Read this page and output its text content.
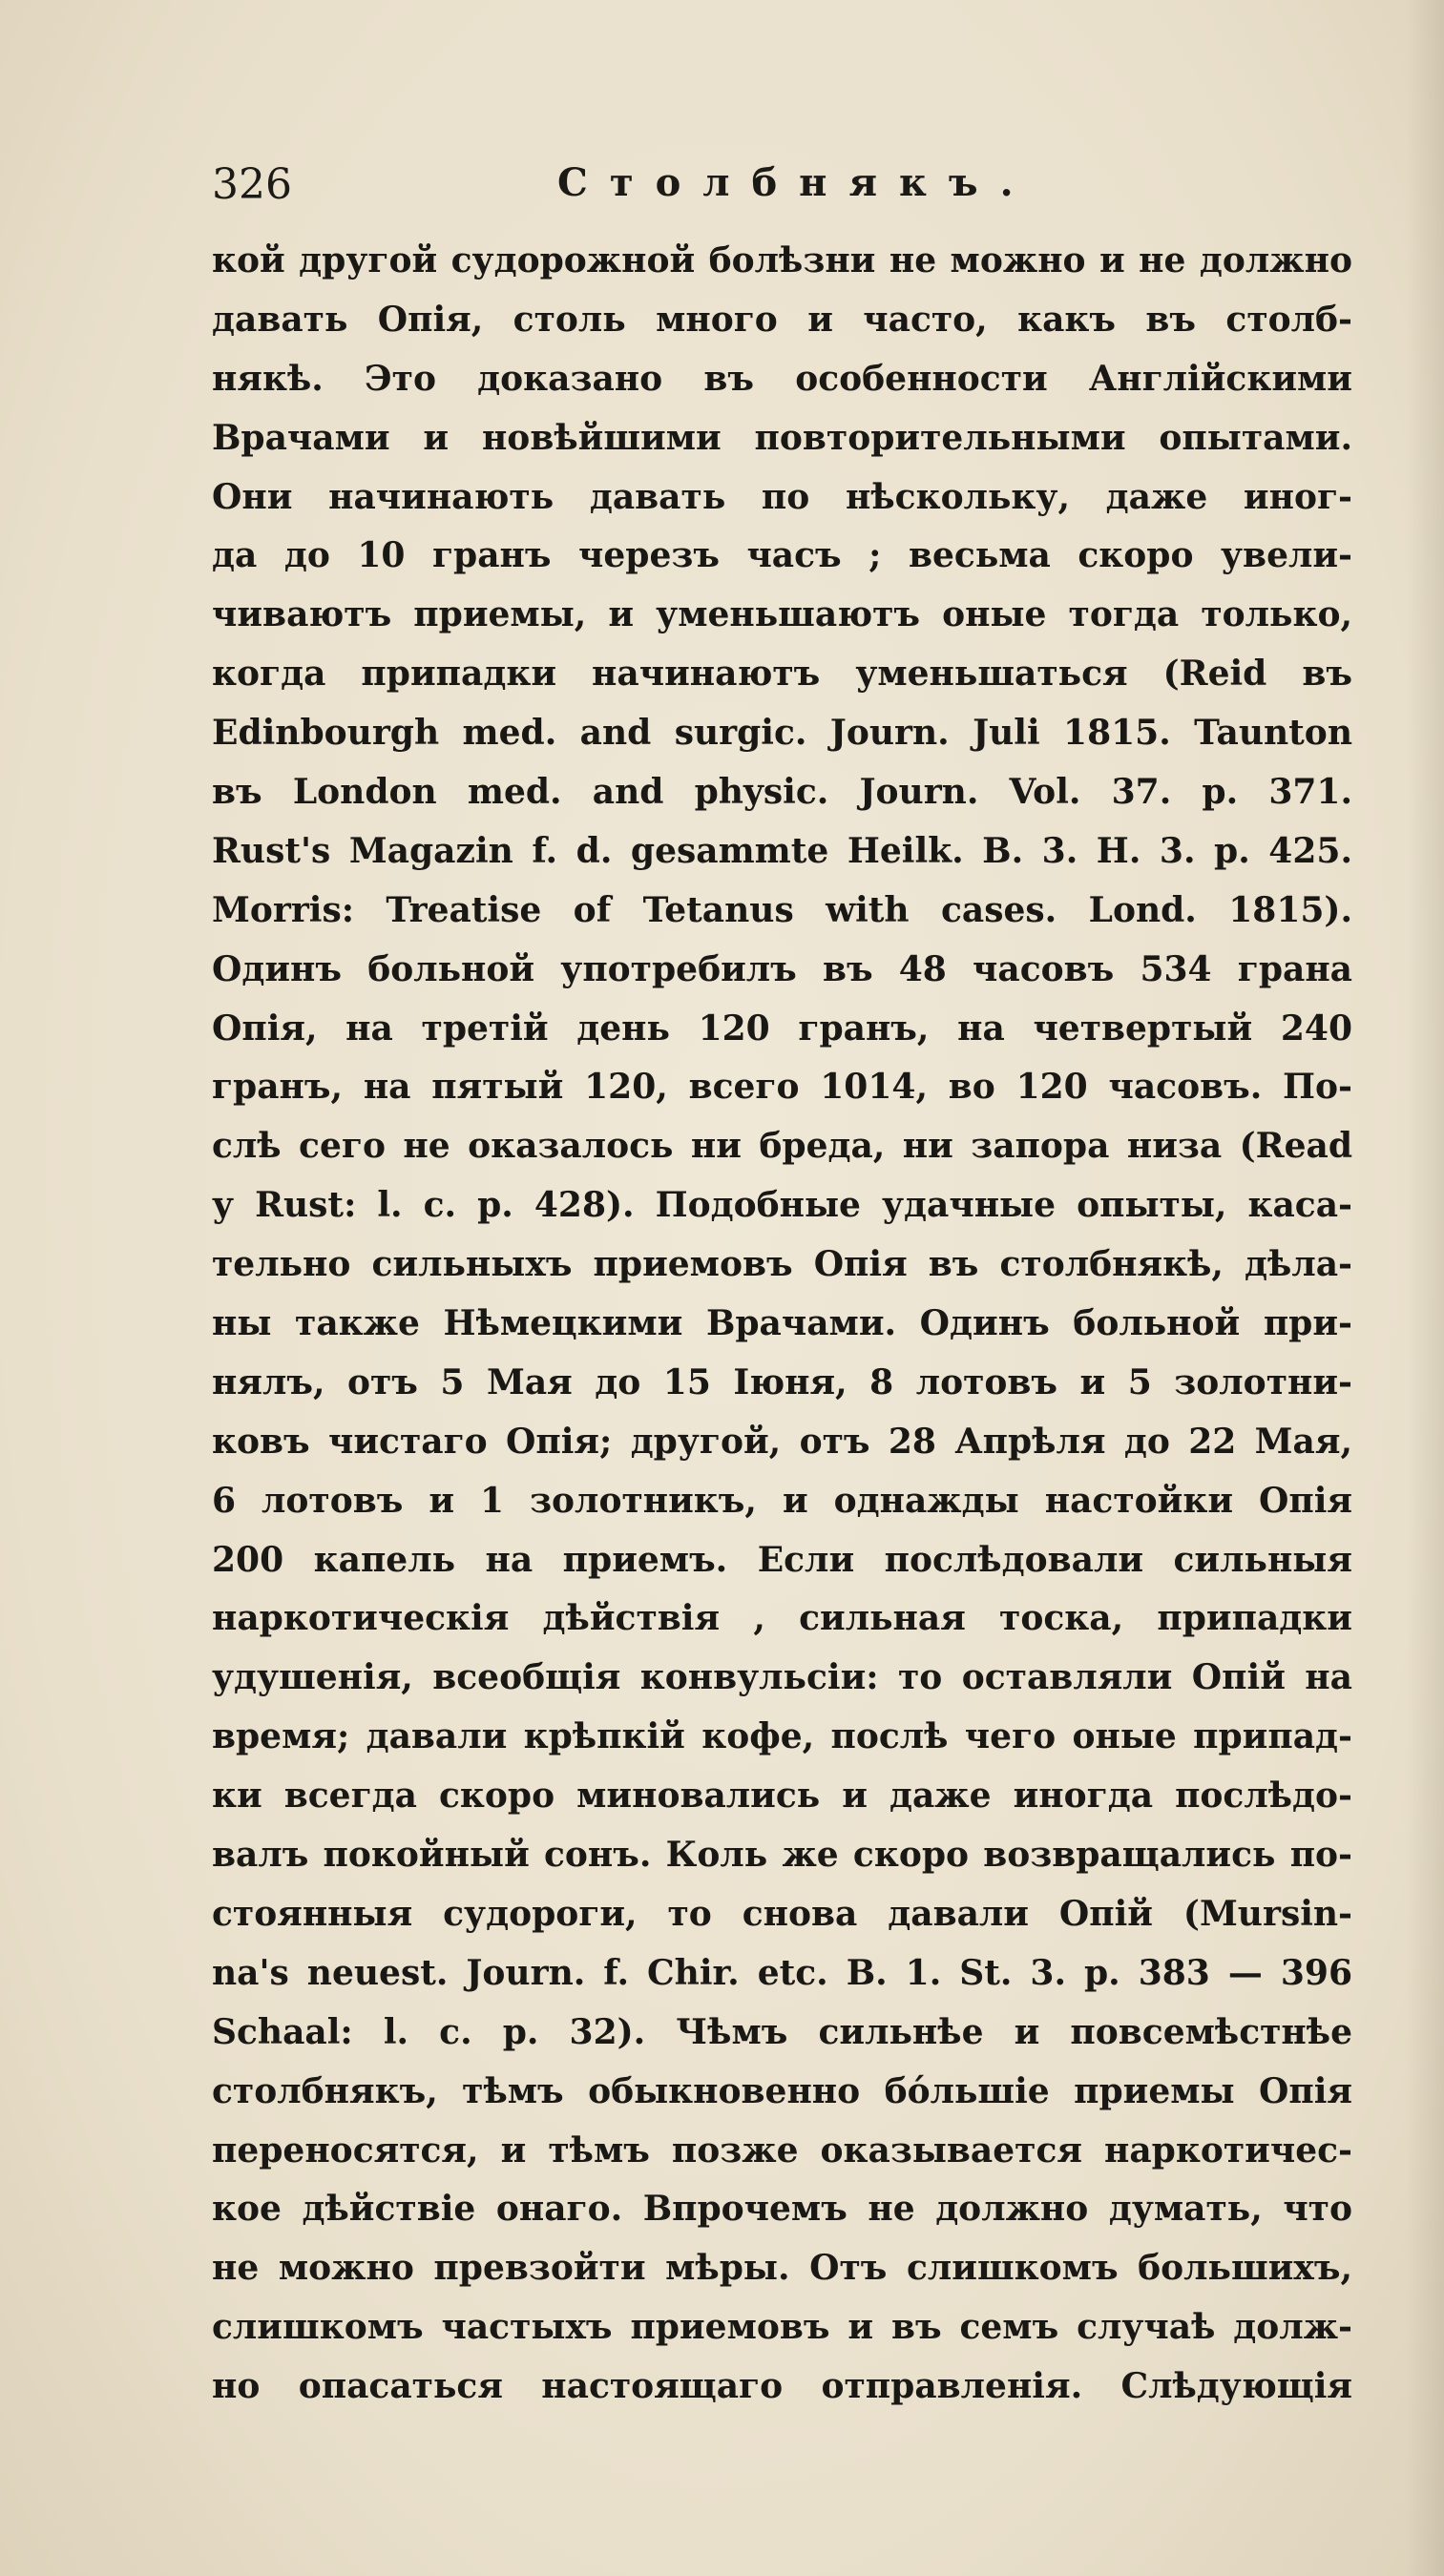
326	Столбнякъ.
кой другой судорожной болѣзни не можно и не должно
давать Опія, столь много и часто, какъ въ столб-
някѣ. Это доказано въ особенности Англійскими
Врачами и новѣйшими повторительными опытами.
Они начинають давать по нѣскольку, даже иног-
да до 10 гранъ черезъ часъ ; весьма скоро увели-
чиваютъ приемы, и уменьшаютъ оные тогда только,
когда припадки начинаютъ уменьшаться (Reid въ
Edinbourgh med. and surgic. Journ. Juli 1815. Taunton
въ London med. and physic. Journ. Vol. 37. p. 371.
Rust's Magazin f. d. gesammte Heilk. B. 3. H. 3. p. 425.
Morris: Treatise of Tetanus with cases. Lond. 1815).
Одинъ больной употребилъ въ 48 часовъ 534 грана
Опія, на третій день 120 гранъ, на четвертый 240
гранъ, на пятый 120, всего 1014, во 120 часовъ. По-
слѣ сего не оказалось ни бреда, ни запора низа (Read
у Rust: l. c. p. 428). Подобные удачные опыты, каса-
тельно сильныхъ приемовъ Опія въ столбнякѣ, дѣла-
ны также Нѣмецкими Врачами. Одинъ больной при-
нялъ, отъ 5 Мая до 15 Іюня, 8 лотовъ и 5 золотни-
ковъ чистаго Опія; другой, отъ 28 Апрѣля до 22 Мая,
6 лотовъ и 1 золотникъ, и однажды настойки Опія
200 капель на приемъ. Если послѣдовали сильныя
наркотическія дѣйствія , сильная тоска, припадки
удушенія, всеобщія конвульсіи: то оставляли Опій на
время; давали крѣпкій кофе, послѣ чего оные припад-
ки всегда скоро миновались и даже иногда послѣдо-
валъ покойный сонъ. Коль же скоро возвращались по-
стоянныя судороги, то снова давали Опій (Mursin-
na's neuest. Journ. f. Chir. etc. B. 1. St. 3. p. 383 — 396
Schaal: l. c. p. 32). Чѣмъ сильнѣе и повсемѣстнѣе
столбнякъ, тѣмъ обыкновенно бόльшіе приемы Опія
переносятся, и тѣмъ позже оказывается наркотичес-
кое дѣйствіе онаго. Впрочемъ не должно думать, что
не можно превзойти мѣры. Отъ слишкомъ большихъ,
слишкомъ частыхъ приемовъ и въ семъ случаѣ долж-
но опасаться настоящаго отправленія. Слѣдующія
